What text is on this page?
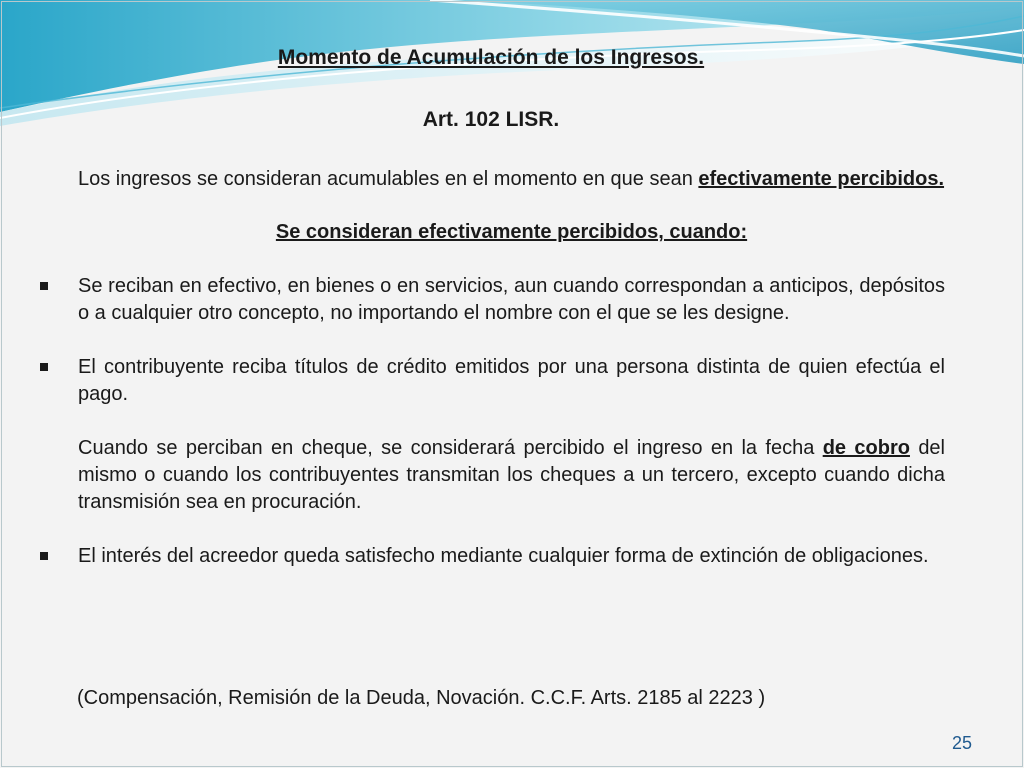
Momento de Acumulación de los Ingresos.
Art. 102 LISR.

Los ingresos se consideran acumulables en el momento en que sean efectivamente percibidos.

Se consideran efectivamente percibidos, cuando:

Se reciban en efectivo, en bienes o en servicios, aun cuando correspondan a anticipos, depósitos o a cualquier otro concepto, no importando el nombre con el que se les designe.

El contribuyente reciba títulos de crédito emitidos por una persona distinta de quien efectúa el pago.

Cuando se perciban en cheque, se considerará percibido el ingreso en la fecha de cobro del mismo o cuando los contribuyentes transmitan los cheques a un tercero, excepto cuando dicha transmisión sea en procuración.

El interés del acreedor queda satisfecho mediante cualquier forma de extinción de obligaciones.

(Compensación, Remisión de la Deuda, Novación. C.C.F. Arts. 2185 al 2223 )

25
